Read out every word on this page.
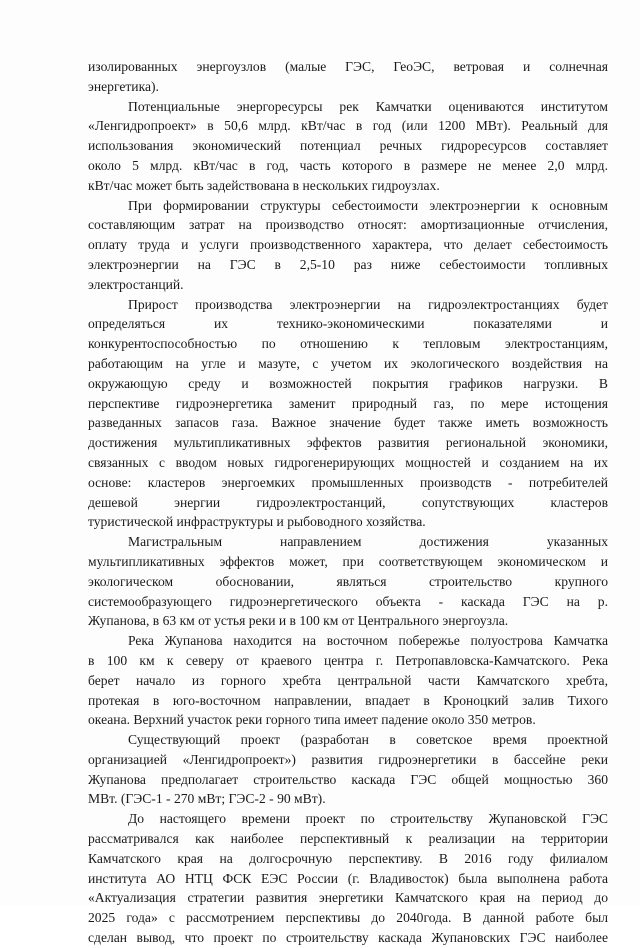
изолированных энергоузлов (малые ГЭС, ГеоЭС, ветровая и солнечная
энергетика).

Потенциальные энергоресурсы рек Камчатки оцениваются институтом
«Ленгидропроект» в 50,6 млрд. кВт/час в год (или 1200 МВт). Реальный для
использования экономический потенциал речных гидроресурсов составляет
около 5 млрд. кВт/час в год, часть которого в размере не менее 2,0 млрд.
кВт/час может быть задействована в нескольких гидроузлах.

При формировании структуры себестоимости электроэнергии к основным
составляющим затрат на производство относят: амортизационные отчисления,
оплату труда и услуги производственного характера, что делает себестоимость
электроэнергии на ГЭС в 2,5-10 раз ниже себестоимости топливных
электростанций.

Прирост производства электроэнергии на гидроэлектростанциях будет
определяться их технико-экономическими показателями и
конкурентоспособностью по отношению к тепловым электростанциям,
работающим на угле и мазуте, с учетом их экологического воздействия на
окружающую среду и возможностей покрытия графиков нагрузки. В
перспективе гидроэнергетика заменит природный газ, по мере истощения
разведанных запасов газа. Важное значение будет также иметь возможность
достижения мультипликативных эффектов развития региональной экономики,
связанных с вводом новых гидрогенерирующих мощностей и созданием на их
основе: кластеров энергоемких промышленных производств - потребителей
дешевой энергии гидроэлектростанций, сопутствующих кластеров
туристической инфраструктуры и рыбоводного хозяйства.

Магистральным направлением достижения указанных
мультипликативных эффектов может, при соответствующем экономическом и
экологическом обосновании, являться строительство крупного
системообразующего гидроэнергетического объекта - каскада ГЭС на р.
Жупанова, в 63 км от устья реки и в 100 км от Центрального энергоузла.

Река Жупанова находится на восточном побережье полуострова Камчатка
в 100 км к северу от краевого центра г. Петропавловска-Камчатского. Река
берет начало из горного хребта центральной части Камчатского хребта,
протекая в юго-восточном направлении, впадает в Кроноцкий залив Тихого
океана. Верхний участок реки горного типа имеет падение около 350 метров.

Существующий проект (разработан в советское время проектной
организацией «Ленгидропроект») развития гидроэнергетики в бассейне реки
Жупанова предполагает строительство каскада ГЭС общей мощностью 360
МВт. (ГЭС-1 - 270 мВт; ГЭС-2 - 90 мВт).

До настоящего времени проект по строительству Жупановской ГЭС
рассматривался как наиболее перспективный к реализации на территории
Камчатского края на долгосрочную перспективу. В 2016 году филиалом
института АО НТЦ ФСК ЕЭС России (г. Владивосток) была выполнена работа
«Актуализация стратегии развития энергетики Камчатского края на период до
2025 года» с рассмотрением перспективы до 2040года. В данной работе был
сделан вывод, что проект по строительству каскада Жупановских ГЭС наиболее
